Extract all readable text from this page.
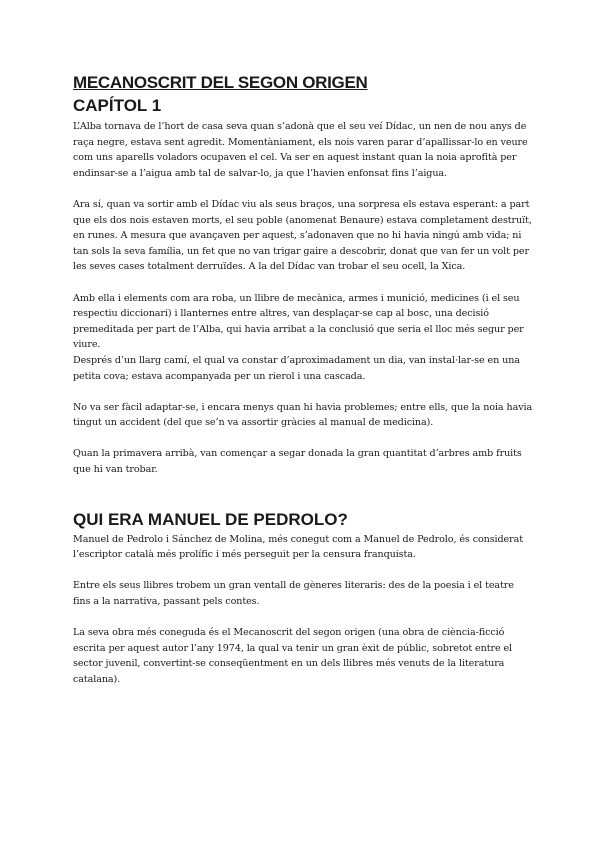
MECANOSCRIT DEL SEGON ORIGEN
CAPÍTOL 1

L’Alba tornava de l’hort de casa seva quan s’adonà que el seu veí Dídac, un nen de nou anys de raça negre, estava sent agredit. Momentàniament, els nois varen parar d’apallissar-lo en veure com uns aparells voladors ocupaven el cel. Va ser en aquest instant quan la noia aprofità per endinsar-se a l’aigua amb tal de salvar-lo, ja que l’havien enfonsat fins l’aigua.

Ara sí, quan va sortir amb el Dídac viu als seus braços, una sorpresa els estava esperant: a part que els dos nois estaven morts, el seu poble (anomenat Benaure) estava completament destruït, en runes. A mesura que avançaven per aquest, s’adonaven que no hi havia ningú amb vida; ni tan sols la seva família, un fet que no van trigar gaire a descobrir, donat que van fer un volt per les seves cases totalment derruïdes. A la del Dídac van trobar el seu ocell, la Xica.

Amb ella i elements com ara roba, un llibre de mecànica, armes i munició, medicines (i el seu respectiu diccionari) i llanternes entre altres, van desplaçar-se cap al bosc, una decisió premeditada per part de l’Alba, qui havia arribat a la conclusió que seria el lloc més segur per viure.

Després d’un llarg camí, el qual va constar d’aproximadament un dia, van instal·lar-se en una petita cova; estava acompanyada per un rierol i una cascada.

No va ser fàcil adaptar-se, i encara menys quan hi havia problemes; entre ells, que la noia havia tingut un accident (del que se’n va assortir gràcies al manual de medicina).

Quan la primavera arribà, van començar a segar donada la gran quantitat d’arbres amb fruits que hi van trobar.

QUI ERA MANUEL DE PEDROLO?

Manuel de Pedrolo i Sánchez de Molina, més conegut com a Manuel de Pedrolo, és considerat l’escriptor català més prolífic i més perseguit per la censura franquista.

Entre els seus llibres trobem un gran ventall de gèneres literaris: des de la poesia i el teatre fins a la narrativa, passant pels contes.

La seva obra més coneguda és el Mecanoscrit del segon origen (una obra de ciència-ficció escrita per aquest autor l’any 1974, la qual va tenir un gran èxit de públic, sobretot entre el sector juvenil, convertint-se conseqüentment en un dels llibres més venuts de la literatura catalana).
